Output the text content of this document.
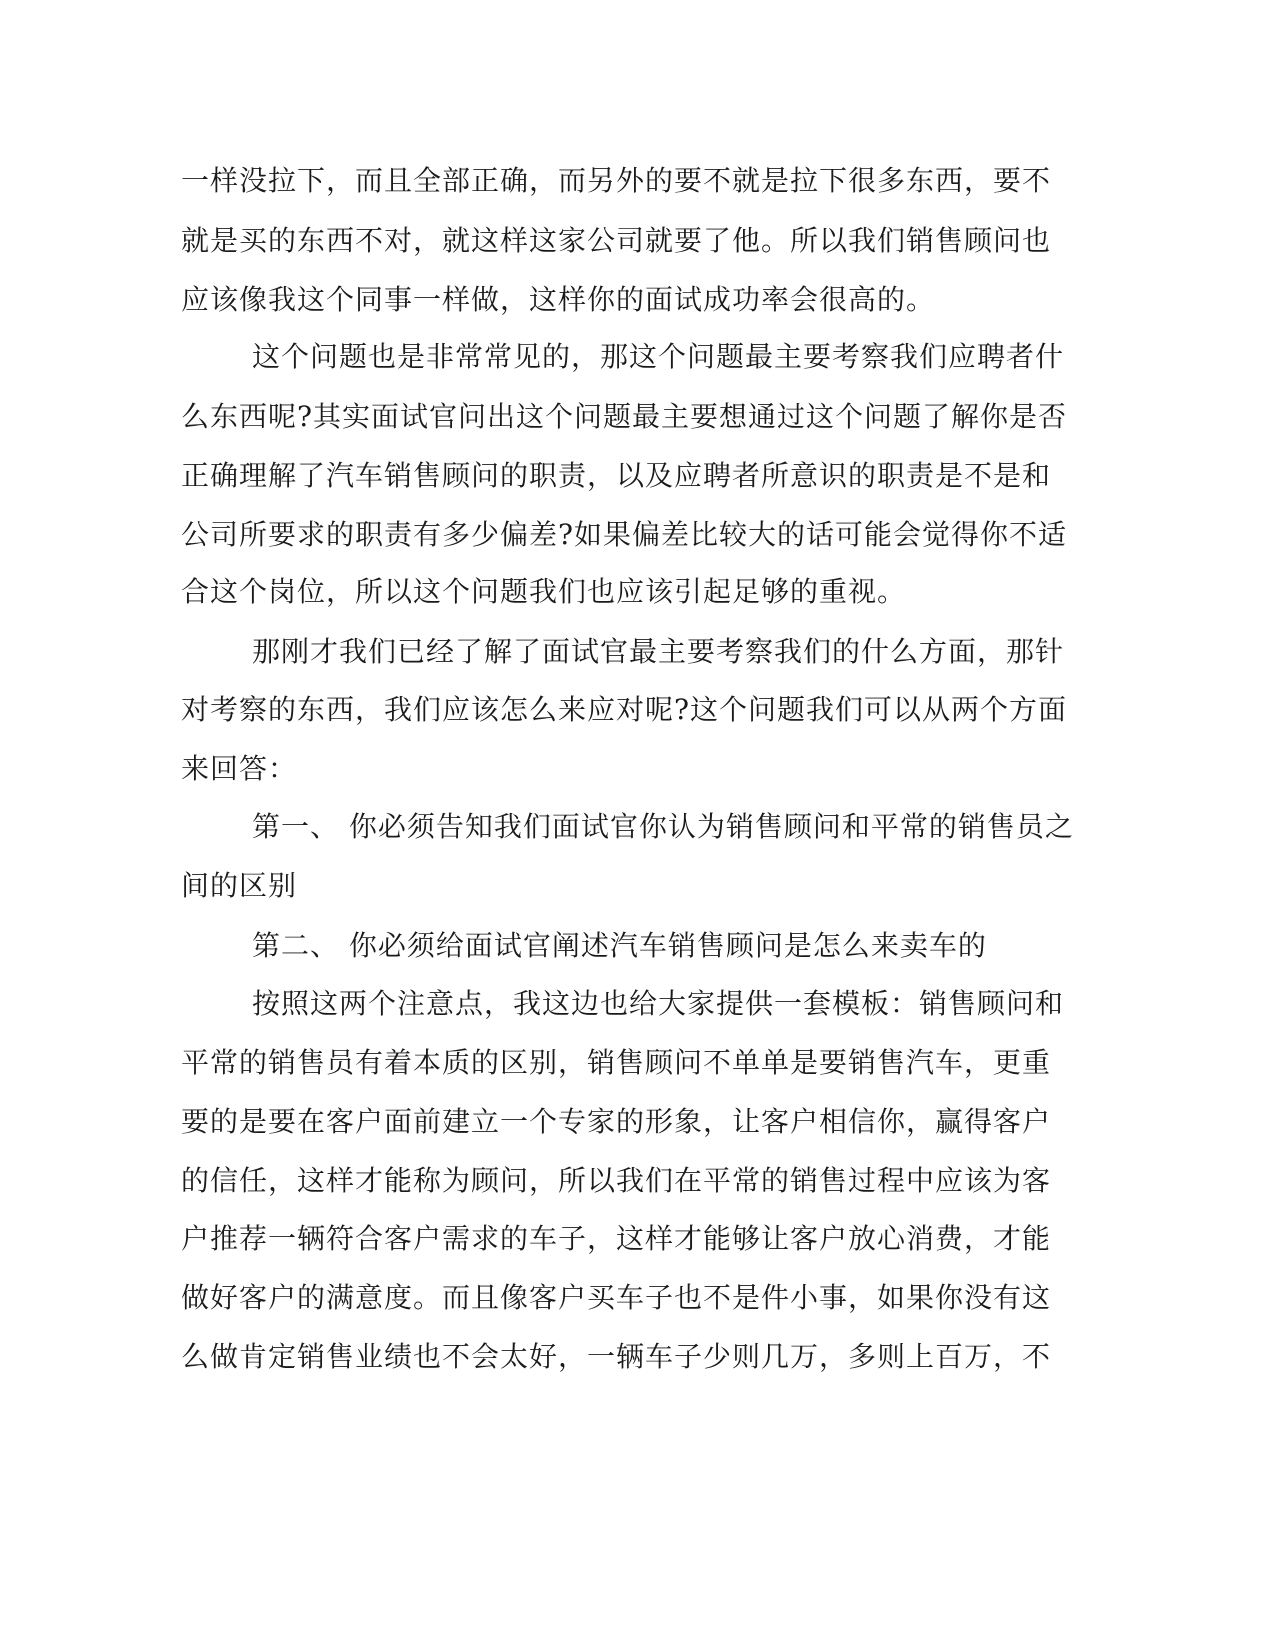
一样没拉下，而且全部正确，而另外的要不就是拉下很多东西，要不
就是买的东西不对，就这样这家公司就要了他。所以我们销售顾问也
应该像我这个同事一样做，这样你的面试成功率会很高的。
这个问题也是非常常见的，那这个问题最主要考察我们应聘者什
么东西呢?其实面试官问出这个问题最主要想通过这个问题了解你是否
正确理解了汽车销售顾问的职责，以及应聘者所意识的职责是不是和
公司所要求的职责有多少偏差?如果偏差比较大的话可能会觉得你不适
合这个岗位，所以这个问题我们也应该引起足够的重视。
那刚才我们已经了解了面试官最主要考察我们的什么方面，那针
对考察的东西，我们应该怎么来应对呢?这个问题我们可以从两个方面
来回答：
第一、 你必须告知我们面试官你认为销售顾问和平常的销售员之
间的区别
第二、 你必须给面试官阐述汽车销售顾问是怎么来卖车的
按照这两个注意点，我这边也给大家提供一套模板：销售顾问和
平常的销售员有着本质的区别，销售顾问不单单是要销售汽车，更重
要的是要在客户面前建立一个专家的形象，让客户相信你，赢得客户
的信任，这样才能称为顾问，所以我们在平常的销售过程中应该为客
户推荐一辆符合客户需求的车子，这样才能够让客户放心消费，才能
做好客户的满意度。而且像客户买车子也不是件小事，如果你没有这
么做肯定销售业绩也不会太好，一辆车子少则几万，多则上百万，不
